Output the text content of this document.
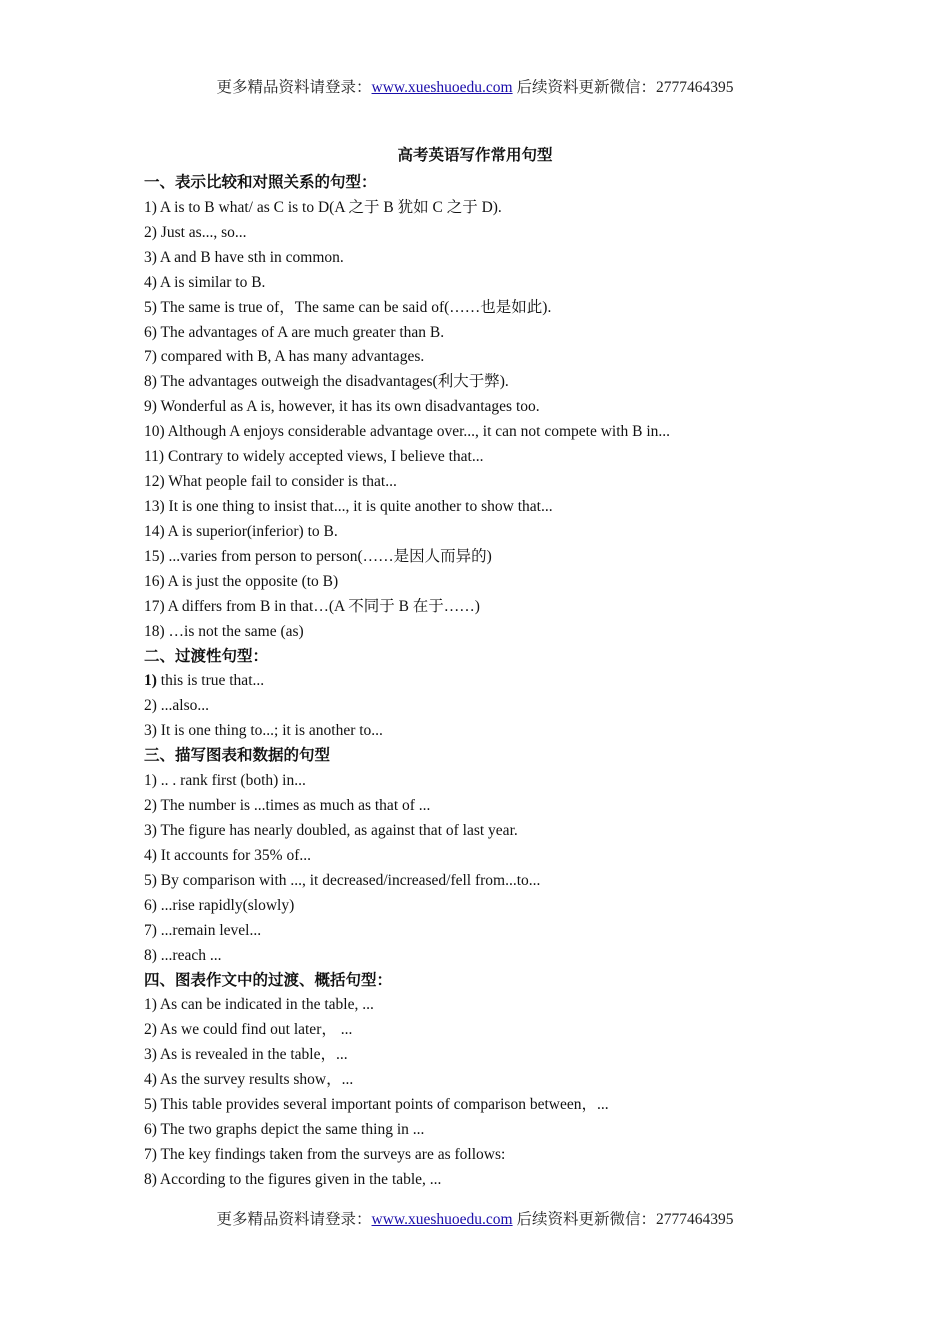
更多精品资料请登录：www.xueshuoedu.com 后续资料更新微信：2777464395
高考英语写作常用句型
一、表示比较和对照关系的句型：
1) A is to B what/ as C is to D(A 之于 B 犹如 C 之于 D).
2) Just as..., so...
3) A and B have sth in common.
4) A is similar to B.
5) The same is true of，The same can be said of(……也是如此).
6) The advantages of A are much greater than B.
7) compared with B, A has many advantages.
8) The advantages outweigh the disadvantages(利大于弊).
9) Wonderful as A is, however, it has its own disadvantages too.
10) Although A enjoys considerable advantage over..., it can not compete with B in...
11) Contrary to widely accepted views, I believe that...
12) What people fail to consider is that...
13) It is one thing to insist that..., it is quite another to show that...
14) A is superior(inferior) to B.
15) ...varies from person to person(……是因人而异的)
16) A is just the opposite (to B)
17) A differs from B in that…(A 不同于 B 在于……)
18) …is not the same (as)
二、过渡性句型：
1) this is true that...
2) ...also...
3) It is one thing to...; it is another to...
三、描写图表和数据的句型
1) .. . rank first (both) in...
2) The number is ...times as much as that of ...
3) The figure has nearly doubled, as against that of last year.
4) It accounts for 35% of...
5) By comparison with ..., it decreased/increased/fell from...to...
6) ...rise rapidly(slowly)
7) ...remain level...
8) ...reach ...
四、图表作文中的过渡、概括句型：
1) As can be indicated in the table, ...
2) As we could find out later， ...
3) As is revealed in the table，...
4) As the survey results show，...
5) This table provides several important points of comparison between，...
6) The two graphs depict the same thing in ...
7) The key findings taken from the surveys are as follows:
8) According to the figures given in the table, ...
更多精品资料请登录：www.xueshuoedu.com 后续资料更新微信：2777464395
